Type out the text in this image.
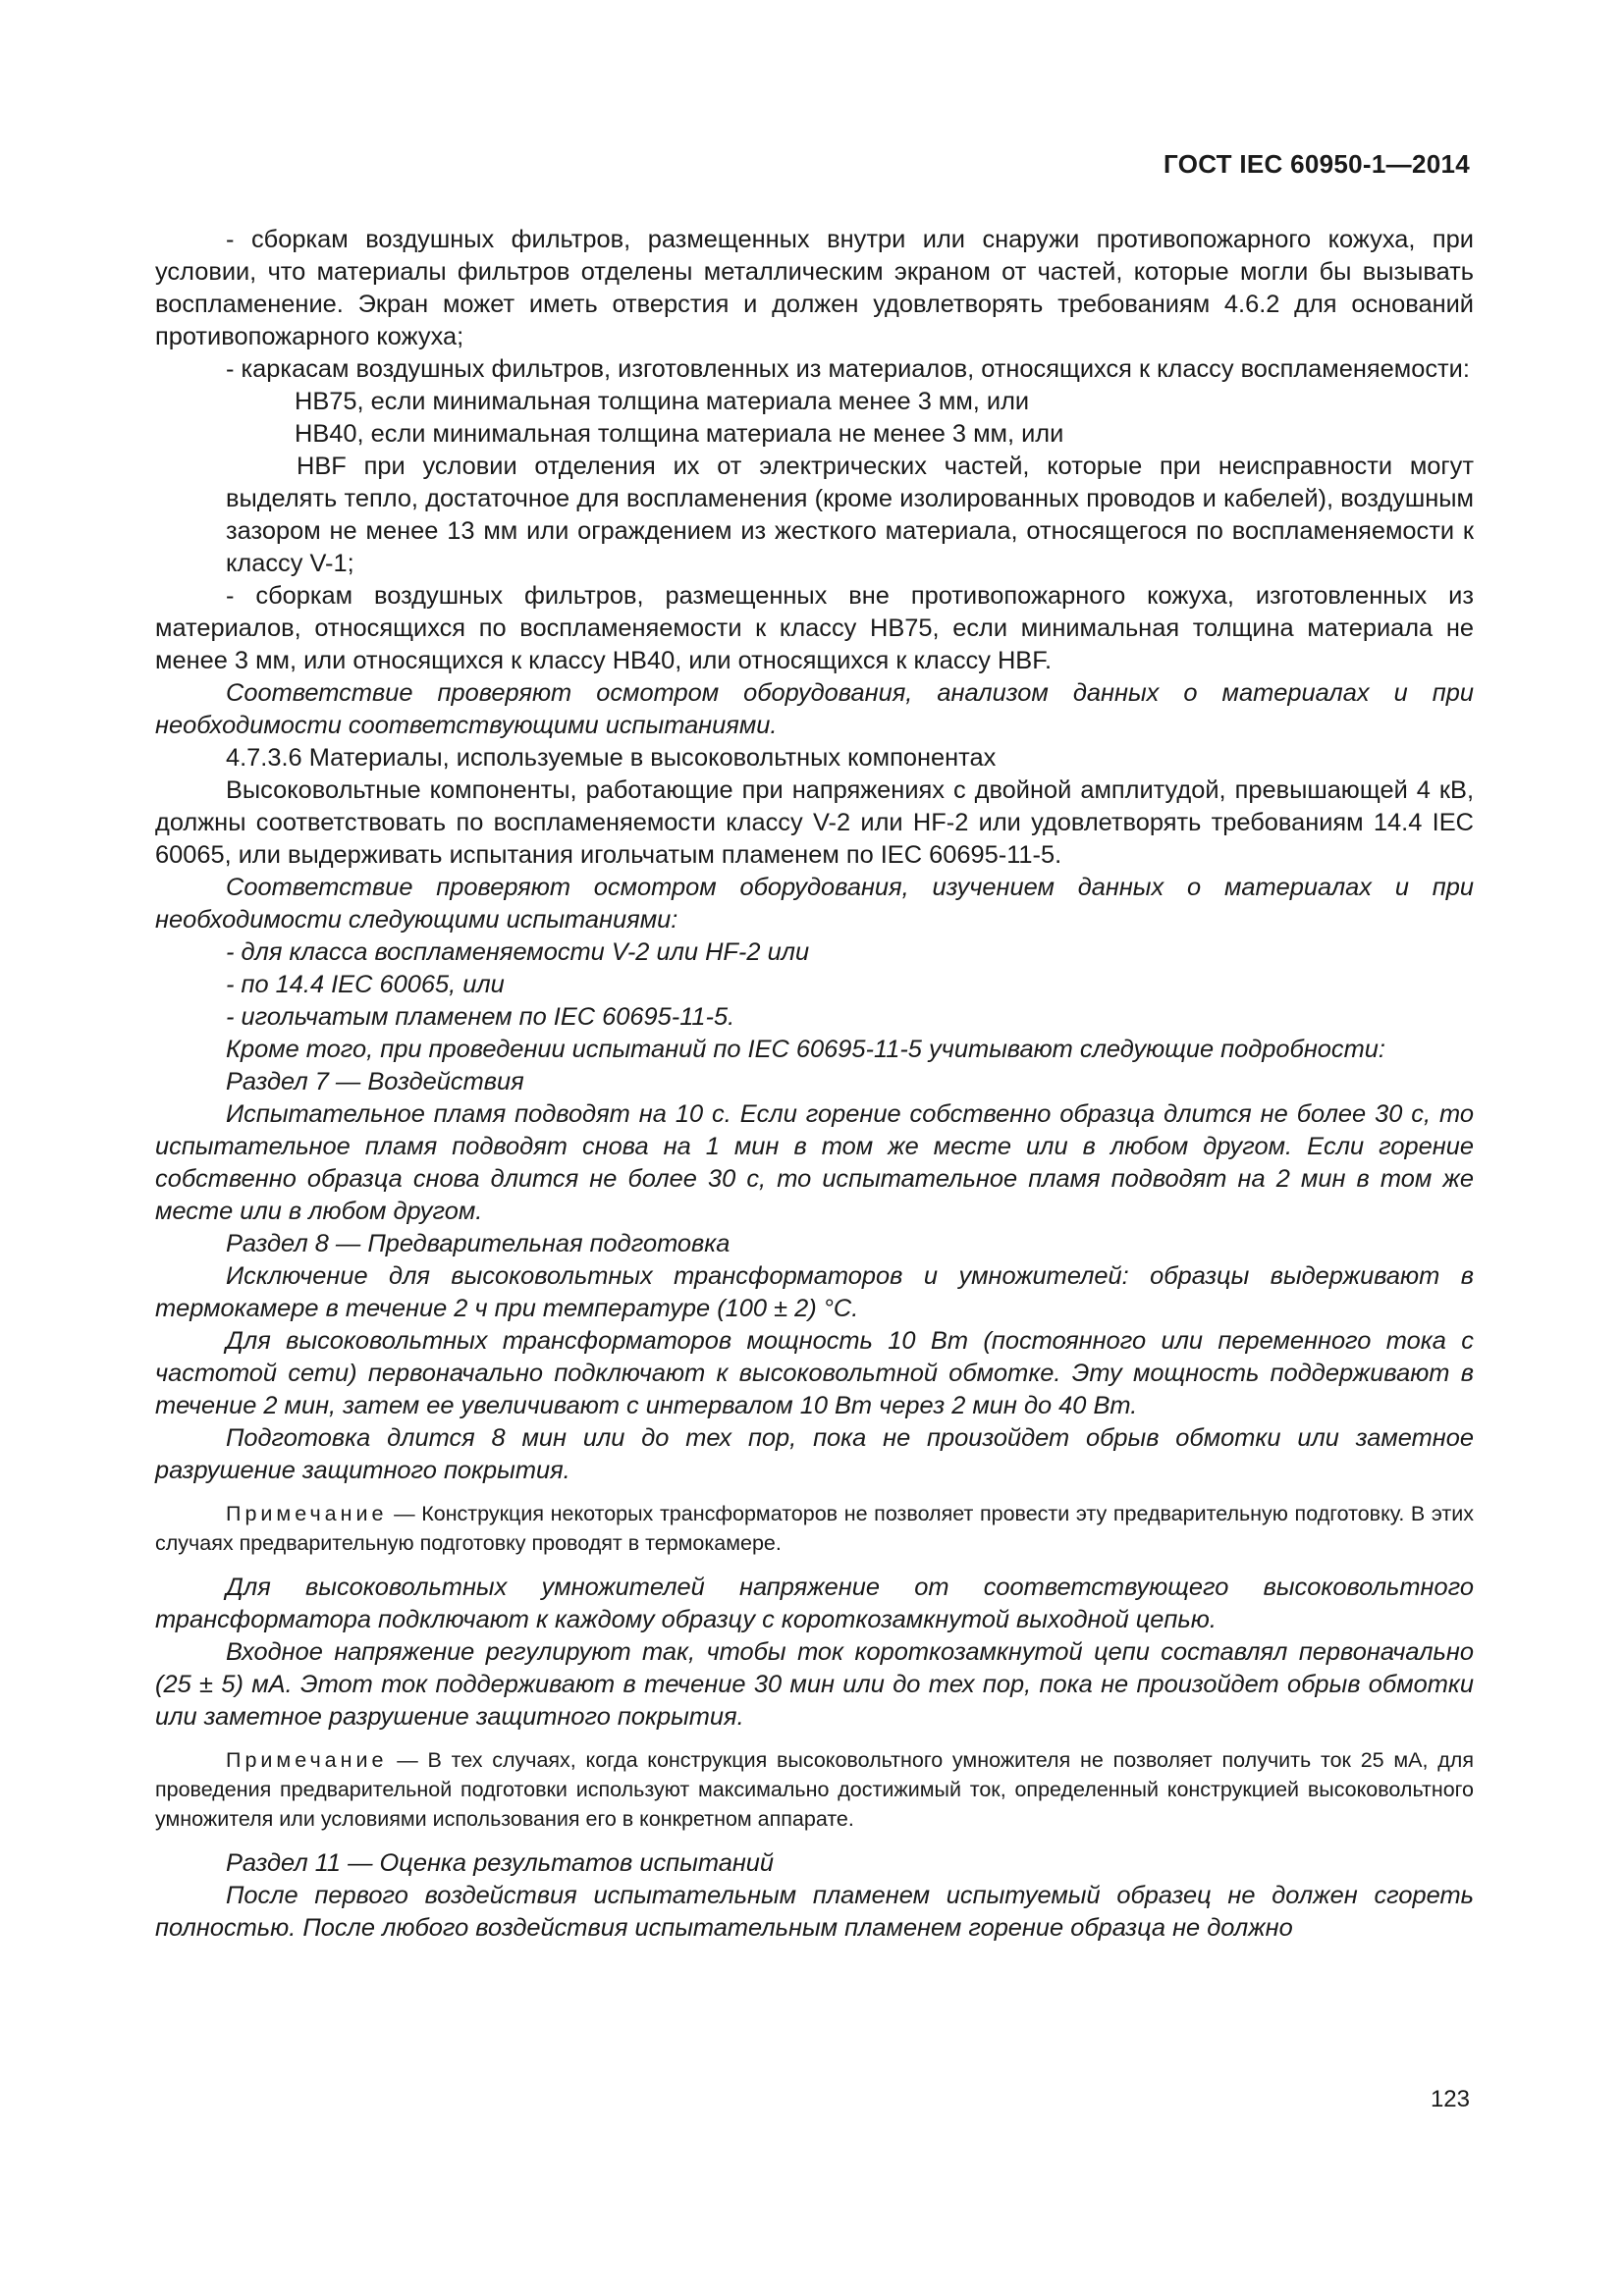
ГОСТ IEC 60950-1—2014

- сборкам воздушных фильтров, размещенных внутри или снаружи противопожарного кожуха, при условии, что материалы фильтров отделены металлическим экраном от частей, которые могли бы вызывать воспламенение. Экран может иметь отверстия и должен удовлетворять требованиям 4.6.2 для оснований противопожарного кожуха;

- каркасам воздушных фильтров, изготовленных из материалов, относящихся к классу воспламеняемости:

НВ75, если минимальная толщина материала менее 3 мм, или

НВ40, если минимальная толщина материала не менее 3 мм, или

HBF при условии отделения их от электрических частей, которые при неисправности могут выделять тепло, достаточное для воспламенения (кроме изолированных проводов и кабелей), воздушным зазором не менее 13 мм или ограждением из жесткого материала, относящегося по воспламеняемости к классу V-1;

- сборкам воздушных фильтров, размещенных вне противопожарного кожуха, изготовленных из материалов, относящихся по воспламеняемости к классу НВ75, если минимальная толщина материала не менее 3 мм, или относящихся к классу НВ40, или относящихся к классу HBF.

Соответствие проверяют осмотром оборудования, анализом данных о материалах и при необходимости соответствующими испытаниями.

4.7.3.6 Материалы, используемые в высоковольтных компонентах

Высоковольтные компоненты, работающие при напряжениях с двойной амплитудой, превышающей 4 кВ, должны соответствовать по воспламеняемости классу V-2 или HF-2 или удовлетворять требованиям 14.4 IEC 60065, или выдерживать испытания игольчатым пламенем по IEC 60695-11-5.

Соответствие проверяют осмотром оборудования, изучением данных о материалах и при необходимости следующими испытаниями:

- для класса воспламеняемости V-2 или HF-2 или

- по 14.4 IEC 60065, или

- игольчатым пламенем по IEC 60695-11-5.

Кроме того, при проведении испытаний по IEC 60695-11-5 учитывают следующие подробности:

Раздел 7 — Воздействия

Испытательное пламя подводят на 10 с. Если горение собственно образца длится не более 30 с, то испытательное пламя подводят снова на 1 мин в том же месте или в любом другом. Если горение собственно образца снова длится не более 30 с, то испытательное пламя подводят на 2 мин в том же месте или в любом другом.

Раздел 8 — Предварительная подготовка

Исключение для высоковольтных трансформаторов и умножителей: образцы выдерживают в термокамере в течение 2 ч при температуре (100 ± 2) °С.

Для высоковольтных трансформаторов мощность 10 Вт (постоянного или переменного тока с частотой сети) первоначально подключают к высоковольтной обмотке. Эту мощность поддерживают в течение 2 мин, затем ее увеличивают с интервалом 10 Вт через 2 мин до 40 Вт.

Подготовка длится 8 мин или до тех пор, пока не произойдет обрыв обмотки или заметное разрушение защитного покрытия.

Примечание — Конструкция некоторых трансформаторов не позволяет провести эту предварительную подготовку. В этих случаях предварительную подготовку проводят в термокамере.

Для высоковольтных умножителей напряжение от соответствующего высоковольтного трансформатора подключают к каждому образцу с короткозамкнутой выходной цепью.

Входное напряжение регулируют так, чтобы ток короткозамкнутой цепи составлял первоначально (25 ± 5) мА. Этот ток поддерживают в течение 30 мин или до тех пор, пока не произойдет обрыв обмотки или заметное разрушение защитного покрытия.

Примечание — В тех случаях, когда конструкция высоковольтного умножителя не позволяет получить ток 25 мА, для проведения предварительной подготовки используют максимально достижимый ток, определенный конструкцией высоковольтного умножителя или условиями использования его в конкретном аппарате.

Раздел 11 — Оценка результатов испытаний

После первого воздействия испытательным пламенем испытуемый образец не должен сгореть полностью. После любого воздействия испытательным пламенем горение образца не должно

123
